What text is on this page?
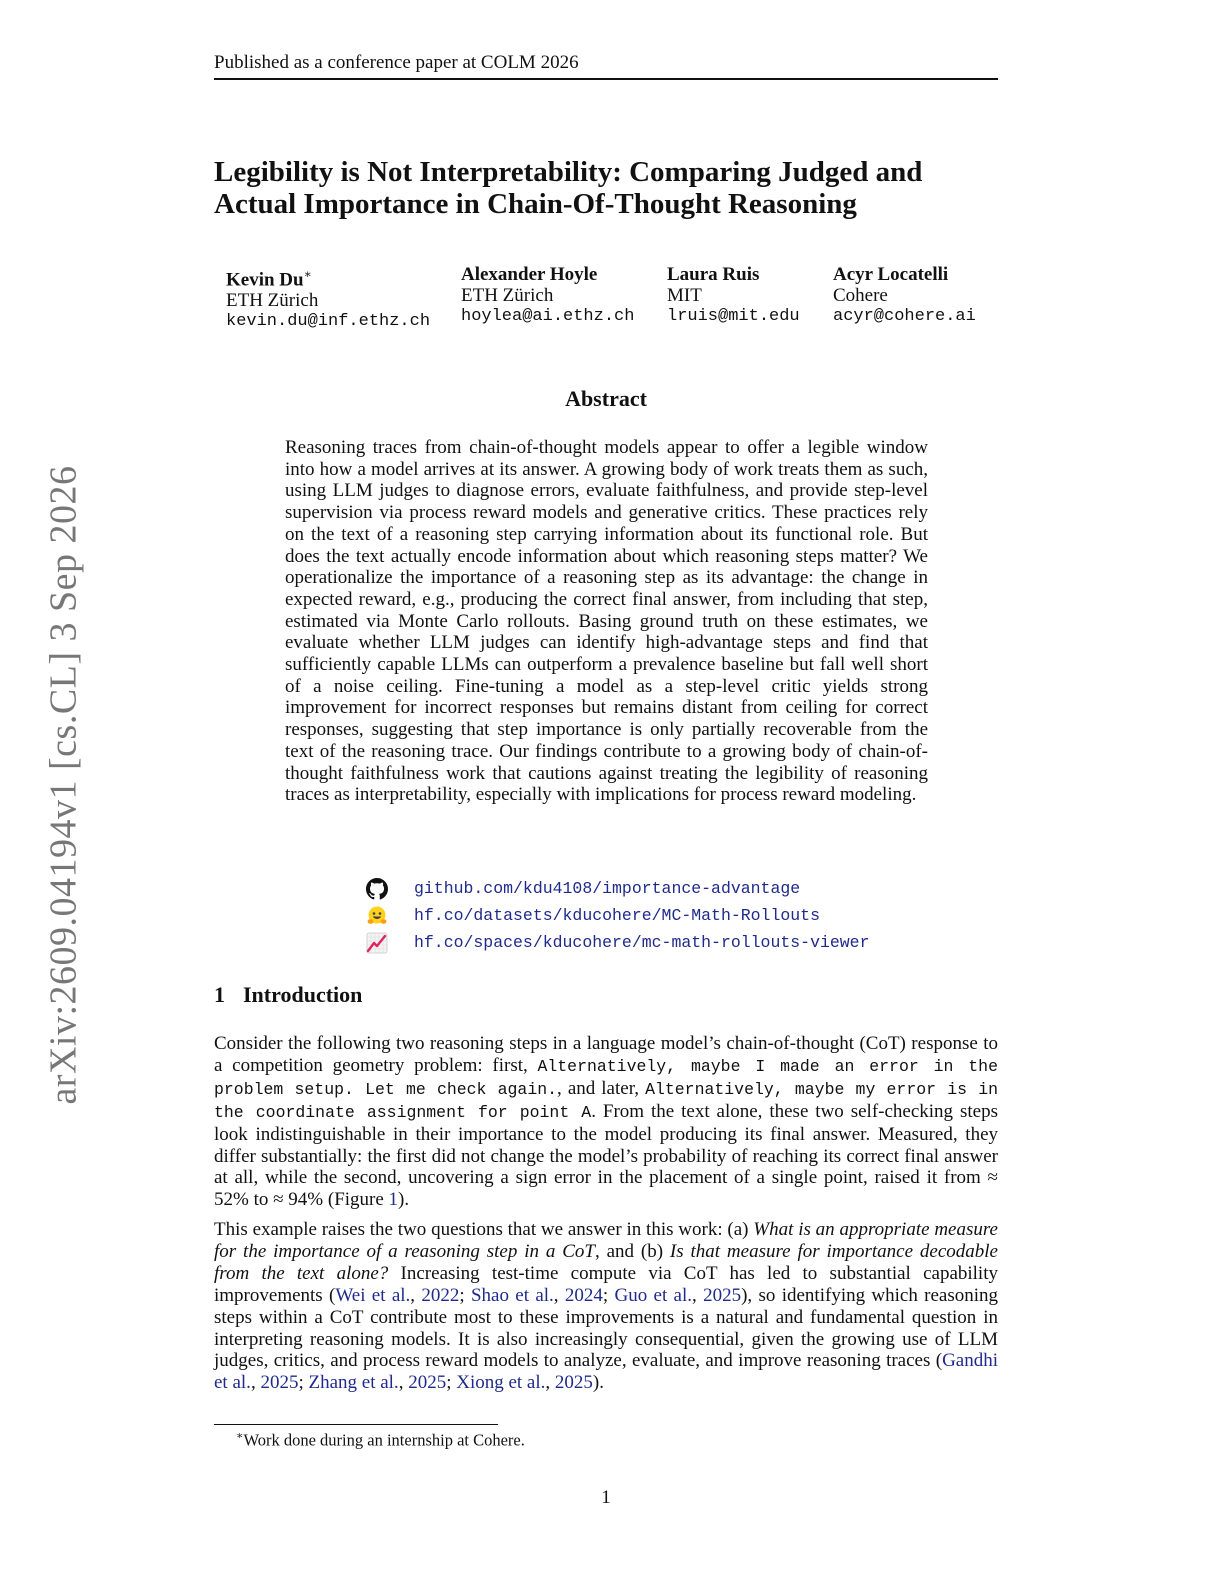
Published as a conference paper at COLM 2026
arXiv:2609.04194v1 [cs.CL] 3 Sep 2026
Legibility is Not Interpretability: Comparing Judged and Actual Importance in Chain-Of-Thought Reasoning
Kevin Du∗
ETH Zürich
kevin.du@inf.ethz.ch
Alexander Hoyle
ETH Zürich
hoylea@ai.ethz.ch
Laura Ruis
MIT
lruis@mit.edu
Acyr Locatelli
Cohere
acyr@cohere.ai
Abstract

Reasoning traces from chain-of-thought models appear to offer a legible window into how a model arrives at its answer. A growing body of work treats them as such, using LLM judges to diagnose errors, evaluate faithfulness, and provide step-level supervision via process reward models and generative critics. These practices rely on the text of a reasoning step carrying information about its functional role. But does the text actually encode information about which reasoning steps matter? We operationalize the importance of a reasoning step as its advantage: the change in expected reward, e.g., producing the correct final answer, from including that step, estimated via Monte Carlo rollouts. Basing ground truth on these estimates, we evaluate whether LLM judges can identify high-advantage steps and find that sufficiently capable LLMs can outperform a prevalence baseline but fall well short of a noise ceiling. Fine-tuning a model as a step-level critic yields strong improvement for incorrect responses but remains distant from ceiling for correct responses, suggesting that step importance is only partially recoverable from the text of the reasoning trace. Our findings contribute to a growing body of chain-of-thought faithfulness work that cautions against treating the legibility of reasoning traces as interpretability, especially with implications for process reward modeling.

github.com/kdu4108/importance-advantage
hf.co/datasets/kducohere/MC-Math-Rollouts
hf.co/spaces/kducohere/mc-math-rollouts-viewer
1 Introduction

Consider the following two reasoning steps in a language model’s chain-of-thought (CoT) response to a competition geometry problem: first, Alternatively, maybe I made an error in the problem setup. Let me check again., and later, Alternatively, maybe my error is in the coordinate assignment for point A. From the text alone, these two self-checking steps look indistinguishable in their importance to the model producing its final answer. Measured, they differ substantially: the first did not change the model’s probability of reaching its correct final answer at all, while the second, uncovering a sign error in the placement of a single point, raised it from ≈ 52% to ≈ 94% (Figure 1).

This example raises the two questions that we answer in this work: (a) What is an appropriate measure for the importance of a reasoning step in a CoT, and (b) Is that measure for importance decodable from the text alone? Increasing test-time compute via CoT has led to substantial capability improvements (Wei et al., 2022; Shao et al., 2024; Guo et al., 2025), so identifying which reasoning steps within a CoT contribute most to these improvements is a natural and fundamental question in interpreting reasoning models. It is also increasingly consequential, given the growing use of LLM judges, critics, and process reward models to analyze, evaluate, and improve reasoning traces (Gandhi et al., 2025; Zhang et al., 2025; Xiong et al., 2025).

∗Work done during an internship at Cohere.
1
